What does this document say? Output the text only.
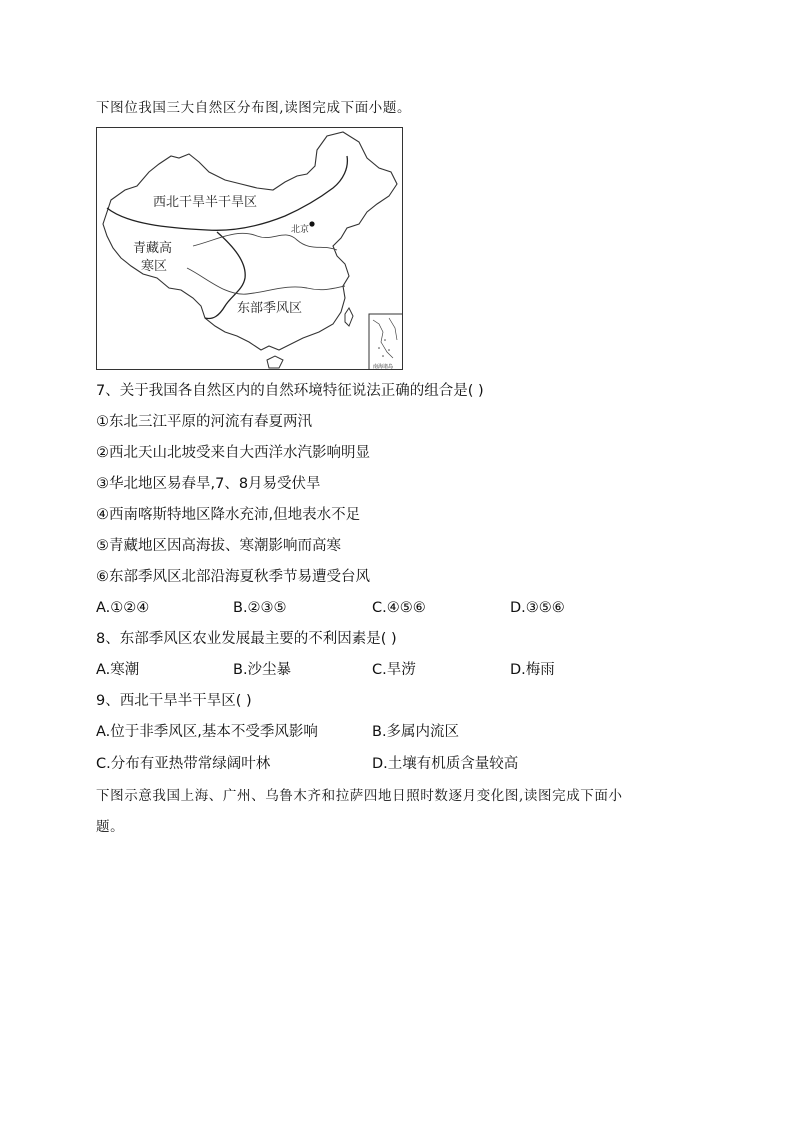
下图位我国三大自然区分布图,读图完成下面小题。
西北干旱半干旱区
青藏高
寒区
东部季风区
北京
南海诸岛
7、关于我国各自然区内的自然环境特征说法正确的组合是( )
①东北三江平原的河流有春夏两汛
②西北天山北坡受来自大西洋水汽影响明显
③华北地区易春旱,7、8月易受伏旱
④西南喀斯特地区降水充沛,但地表水不足
⑤青藏地区因高海拔、寒潮影响而高寒
⑥东部季风区北部沿海夏秋季节易遭受台风
A.①②④	B.②③⑤	C.④⑤⑥	D.③⑤⑥
8、东部季风区农业发展最主要的不利因素是( )
A.寒潮	B.沙尘暴	C.旱涝	D.梅雨
9、西北干旱半干旱区( )
A.位于非季风区,基本不受季风影响	B.多属内流区
C.分布有亚热带常绿阔叶林	D.土壤有机质含量较高
下图示意我国上海、广州、乌鲁木齐和拉萨四地日照时数逐月变化图,读图完成下面小
题。
